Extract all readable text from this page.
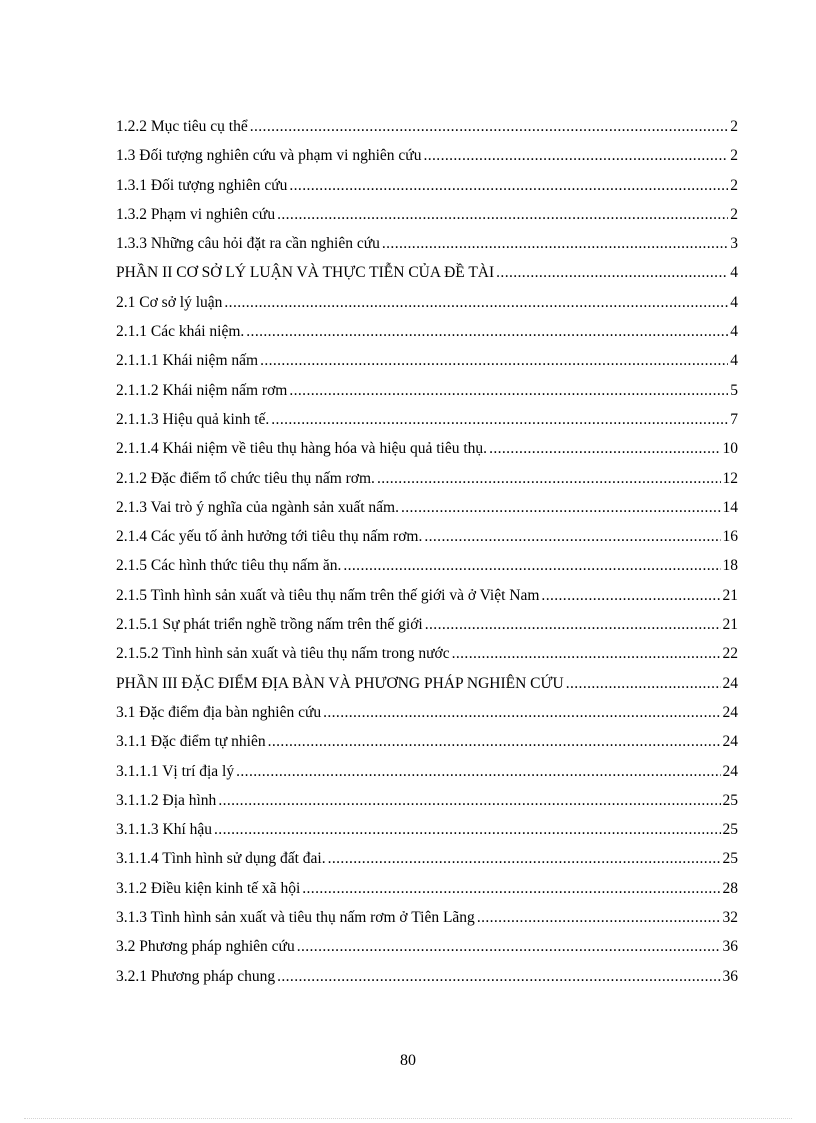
1.2.2 Mục tiêu cụ thể .....	2
1.3 Đối tượng nghiên cứu và phạm vi nghiên cứu .....	2
1.3.1 Đối tượng nghiên cứu .....	2
1.3.2 Phạm vi nghiên cứu .....	2
1.3.3 Những câu hỏi đặt ra cần nghiên cứu .....	3
PHẦN II CƠ SỞ LÝ LUẬN VÀ THỰC TIỄN CỦA ĐỀ TÀI .....	4
2.1 Cơ sở lý luận .....	4
2.1.1 Các khái niệm. .....	4
2.1.1.1 Khái niệm nấm .....	4
2.1.1.2 Khái niệm nấm rơm .....	5
2.1.1.3 Hiệu quả kinh tế. .....	7
2.1.1.4 Khái niệm về tiêu thụ hàng hóa và hiệu quả tiêu thụ. .....	10
2.1.2 Đặc điểm tổ chức tiêu thụ nấm rơm. .....	12
2.1.3 Vai trò ý nghĩa của ngành sản xuất nấm. .....	14
2.1.4 Các yếu tố ảnh hưởng tới tiêu thụ nấm rơm. .....	16
2.1.5 Các hình thức tiêu thụ nấm ăn. .....	18
2.1.5 Tình hình sản xuất và tiêu thụ nấm trên thế giới và ở Việt Nam .....	21
2.1.5.1 Sự phát triển nghề trồng nấm trên thế giới .....	21
2.1.5.2 Tình hình sản xuất và tiêu thụ nấm trong nước .....	22
PHẦN III ĐẶC ĐIỂM ĐỊA BÀN VÀ PHƯƠNG PHÁP NGHIÊN CỨU .....	24
3.1 Đặc điểm địa bàn nghiên cứu .....	24
3.1.1 Đặc điểm tự nhiên .....	24
3.1.1.1 Vị trí địa lý .....	24
3.1.1.2 Địa hình .....	25
3.1.1.3 Khí hậu .....	25
3.1.1.4 Tình hình sử dụng đất đai. .....	25
3.1.2 Điều kiện kinh tế xã hội .....	28
3.1.3 Tình hình sản xuất và tiêu thụ nấm rơm ở Tiên Lãng .....	32
3.2 Phương pháp nghiên cứu .....	36
3.2.1 Phương pháp chung .....	36
80
